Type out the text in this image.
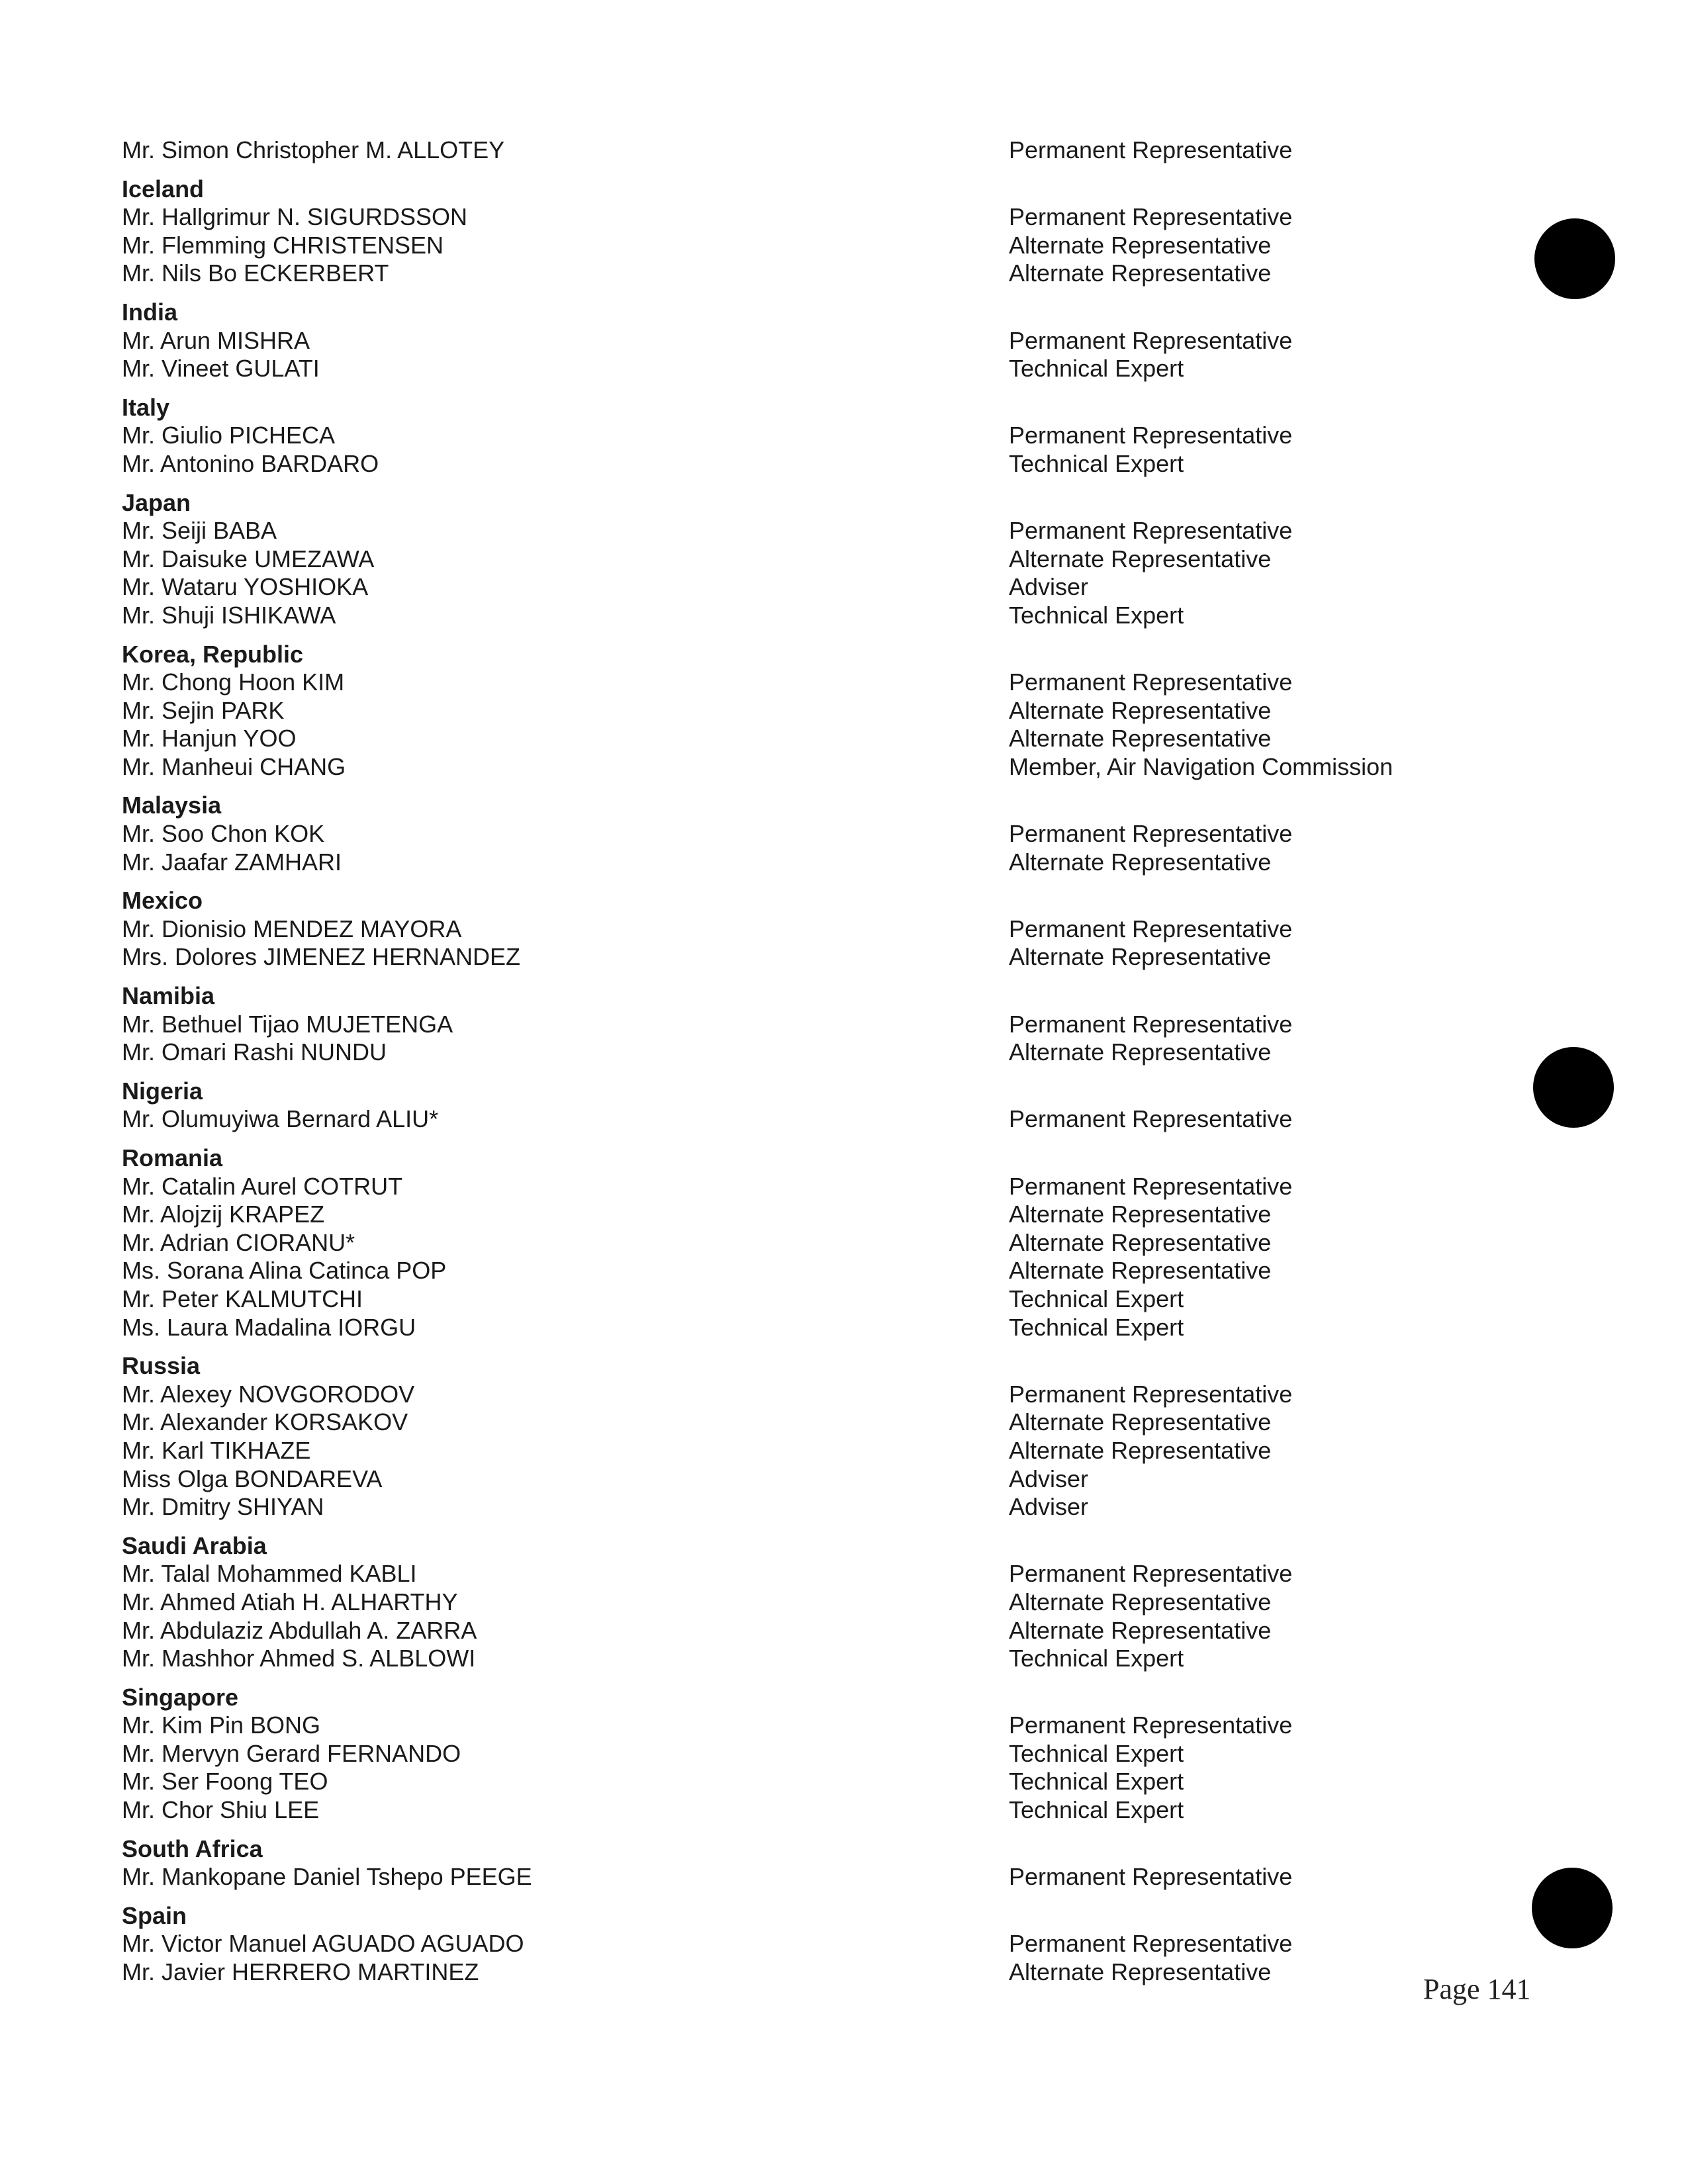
Mr. Simon Christopher M. ALLOTEY	Permanent Representative
Iceland
Mr. Hallgrimur N. SIGURDSSON	Permanent Representative
Mr. Flemming CHRISTENSEN	Alternate Representative
Mr. Nils Bo ECKERBERT	Alternate Representative
India
Mr. Arun MISHRA	Permanent Representative
Mr. Vineet GULATI	Technical Expert
Italy
Mr. Giulio PICHECA	Permanent Representative
Mr. Antonino BARDARO	Technical Expert
Japan
Mr. Seiji BABA	Permanent Representative
Mr. Daisuke UMEZAWA	Alternate Representative
Mr. Wataru YOSHIOKA	Adviser
Mr. Shuji ISHIKAWA	Technical Expert
Korea, Republic
Mr. Chong Hoon KIM	Permanent Representative
Mr. Sejin PARK	Alternate Representative
Mr. Hanjun YOO	Alternate Representative
Mr. Manheui CHANG	Member, Air Navigation Commission
Malaysia
Mr. Soo Chon KOK	Permanent Representative
Mr. Jaafar ZAMHARI	Alternate Representative
Mexico
Mr. Dionisio MENDEZ MAYORA	Permanent Representative
Mrs. Dolores JIMENEZ HERNANDEZ	Alternate Representative
Namibia
Mr. Bethuel Tijao MUJETENGA	Permanent Representative
Mr. Omari Rashi NUNDU	Alternate Representative
Nigeria
Mr. Olumuyiwa Bernard ALIU*	Permanent Representative
Romania
Mr. Catalin Aurel COTRUT	Permanent Representative
Mr. Alojzij KRAPEZ	Alternate Representative
Mr. Adrian CIORANU*	Alternate Representative
Ms. Sorana Alina Catinca POP	Alternate Representative
Mr. Peter KALMUTCHI	Technical Expert
Ms. Laura Madalina IORGU	Technical Expert
Russia
Mr. Alexey NOVGORODOV	Permanent Representative
Mr. Alexander KORSAKOV	Alternate Representative
Mr. Karl TIKHAZE	Alternate Representative
Miss Olga BONDAREVA	Adviser
Mr. Dmitry SHIYAN	Adviser
Saudi Arabia
Mr. Talal Mohammed KABLI	Permanent Representative
Mr. Ahmed Atiah H. ALHARTHY	Alternate Representative
Mr. Abdulaziz Abdullah A. ZARRA	Alternate Representative
Mr. Mashhor Ahmed S. ALBLOWI	Technical Expert
Singapore
Mr. Kim Pin BONG	Permanent Representative
Mr. Mervyn Gerard FERNANDO	Technical Expert
Mr. Ser Foong TEO	Technical Expert
Mr. Chor Shiu LEE	Technical Expert
South Africa
Mr. Mankopane Daniel Tshepo PEEGE	Permanent Representative
Spain
Mr. Victor Manuel AGUADO AGUADO	Permanent Representative
Mr. Javier HERRERO MARTINEZ	Alternate Representative
Page 141
